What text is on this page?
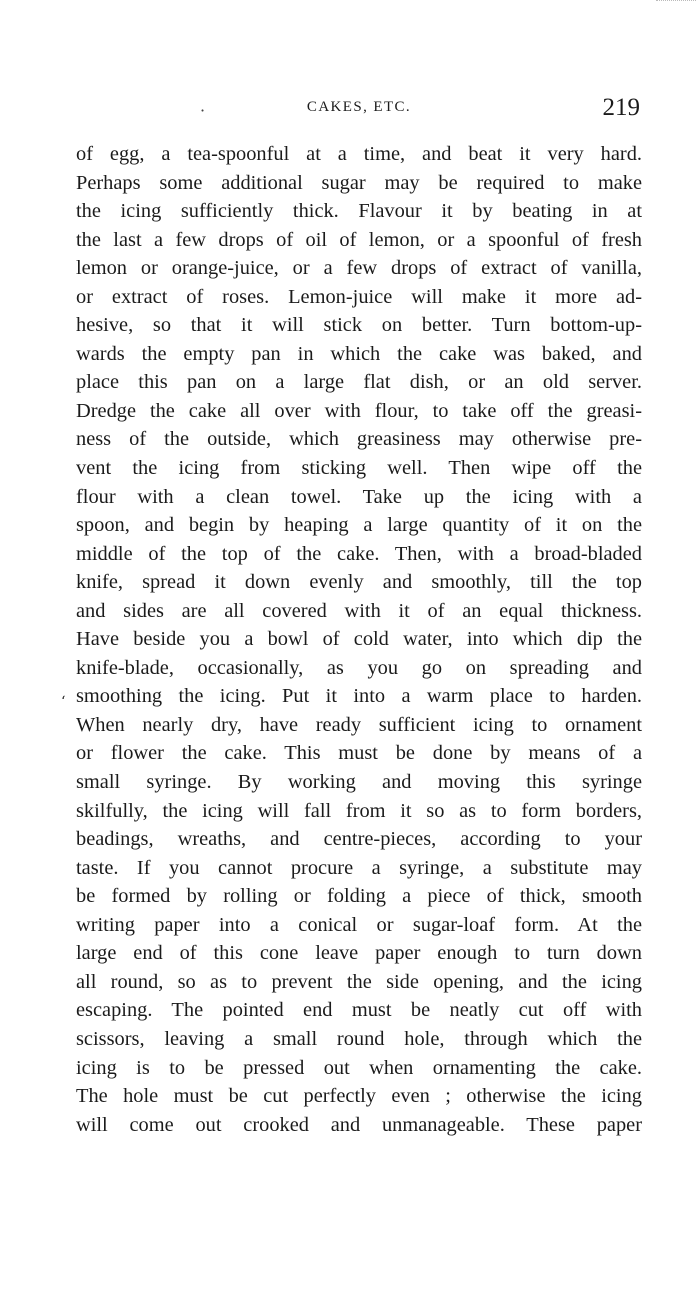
·	CAKES, ETC.	219
ʻ
of egg, a tea-spoonful at a time, and beat it very hard.
Perhaps some additional sugar may be required to make
the icing sufficiently thick. Flavour it by beating in at
the last a few drops of oil of lemon, or a spoonful of fresh
lemon or orange-juice, or a few drops of extract of vanilla,
or extract of roses. Lemon-juice will make it more ad-
hesive, so that it will stick on better. Turn bottom-up-
wards the empty pan in which the cake was baked, and
place this pan on a large flat dish, or an old server.
Dredge the cake all over with flour, to take off the greasi-
ness of the outside, which greasiness may otherwise pre-
vent the icing from sticking well. Then wipe off the
flour with a clean towel. Take up the icing with a
spoon, and begin by heaping a large quantity of it on the
middle of the top of the cake. Then, with a broad-bladed
knife, spread it down evenly and smoothly, till the top
and sides are all covered with it of an equal thickness.
Have beside you a bowl of cold water, into which dip the
knife-blade, occasionally, as you go on spreading and
smoothing the icing. Put it into a warm place to harden.
When nearly dry, have ready sufficient icing to ornament
or flower the cake. This must be done by means of a
small syringe. By working and moving this syringe
skilfully, the icing will fall from it so as to form borders,
beadings, wreaths, and centre-pieces, according to your
taste. If you cannot procure a syringe, a substitute may
be formed by rolling or folding a piece of thick, smooth
writing paper into a conical or sugar-loaf form. At the
large end of this cone leave paper enough to turn down
all round, so as to prevent the side opening, and the icing
escaping. The pointed end must be neatly cut off with
scissors, leaving a small round hole, through which the
icing is to be pressed out when ornamenting the cake.
The hole must be cut perfectly even ; otherwise the icing
will come out crooked and unmanageable. These paper
